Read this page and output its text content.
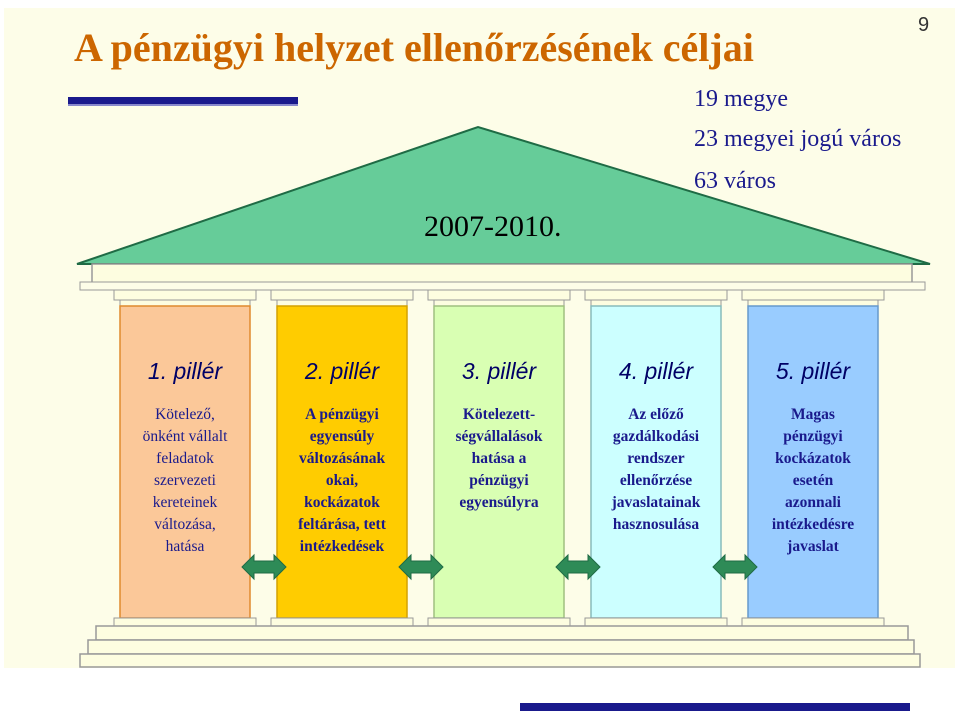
A pénzügyi helyzet ellenőrzésének céljai	9
19 megye
23 megyei jogú város
63 város
2007-2010.
1. pillér
Kötelező,
önként vállalt
feladatok
szervezeti
kereteinek
változása,
hatása
2. pillér
A pénzügyi
egyensúly
változásának
okai,
kockázatok
feltárása, tett
intézkedések
3. pillér
Kötelezett-
ségvállalások
hatása a
pénzügyi
egyensúlyra
4. pillér
Az előző
gazdálkodási
rendszer
ellenőrzése
javaslatainak
hasznosulása
5. pillér
Magas
pénzügyi
kockázatok
esetén
azonnali
intézkedésre
javaslat
